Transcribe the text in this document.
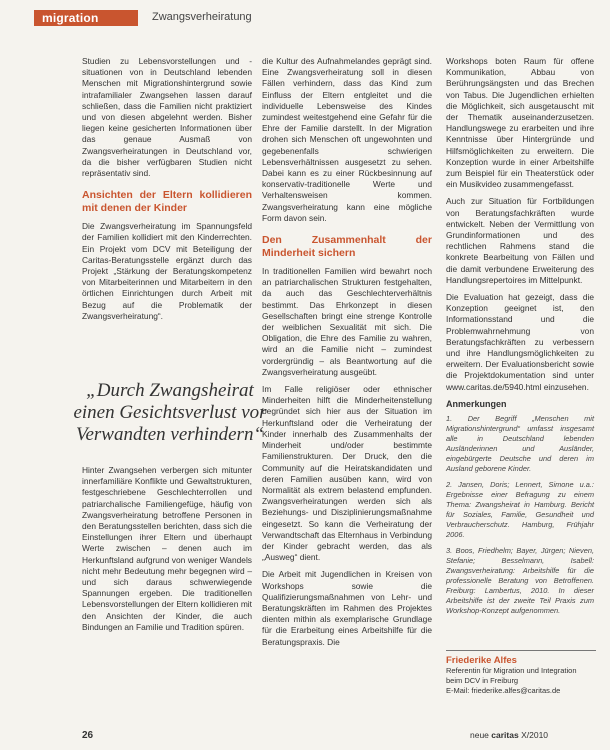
migration	Zwangsverheiratung

Studien zu Lebensvorstellungen und -situationen von in Deutschland lebenden Menschen mit Migrationshintergrund sowie intrafamilialer Zwangsehen lassen darauf schließen, dass die Familien nicht praktiziert und von diesen abgelehnt werden. Bisher liegen keine gesicherten Informationen über das genaue Ausmaß von Zwangsverheiratungen in Deutschland vor, da die bisher verfügbaren Studien nicht repräsentativ sind.

Ansichten der Eltern kollidieren mit denen der Kinder

Die Zwangsverheiratung im Spannungsfeld der Familien kollidiert mit den Kinderrechten. Ein Projekt vom DCV mit Beteiligung der Caritas-Beratungsstelle ergänzt durch das Projekt „Stärkung der Beratungskompetenz von Mitarbeiterinnen und Mitarbeitern in den örtlichen Einrichtungen durch Arbeit mit Bezug auf die Problematik der Zwangsverheiratung“.

„Durch Zwangsheirat einen Gesichtsverlust vor Verwandten verhindern“

Hinter Zwangsehen verbergen sich mitunter innerfamiliäre Konflikte und Gewaltstrukturen, festgeschriebene Geschlechterrollen und patriarchalische Familiengefüge, häufig von Zwangsverheiratung betroffene Personen in den Beratungsstellen berichten, dass sich die Einstellungen ihrer Eltern und überhaupt Werte zwischen – denen auch im Herkunftsland aufgrund von weniger Wandels nicht mehr Bedeutung mehr begegnen wird – und sich daraus schwerwiegende Spannungen ergeben. Die traditionellen Lebensvorstellungen der Eltern kollidieren mit den Ansichten der Kinder, die auch Bindungen an Familie und Tradition spüren.

die Kultur des Aufnahmelandes geprägt sind. Eine Zwangsverheiratung soll in diesen Fällen verhindern, dass das Kind zum Einfluss der Eltern entgleitet und die individuelle Lebensweise des Kindes zumindest weitestgehend eine Gefahr für die Ehre der Familie darstellt. In der Migration drohen sich Menschen oft ungewohnten und gegebenenfalls schwierigen Lebensverhältnissen ausgesetzt zu sehen. Dabei kann es zu einer Rückbesinnung auf konservativ-traditionelle Werte und Verhaltensweisen kommen. Zwangsverheiratung kann eine mögliche Form davon sein.

Den Zusammenhalt der Minderheit sichern

In traditionellen Familien wird bewahrt noch an patriarchalischen Strukturen festgehalten, da auch das Geschlechterverhältnis bestimmt. Das Ehrkonzept in diesen Gesellschaften bringt eine strenge Kontrolle der weiblichen Sexualität mit sich. Die Obligation, die Ehre des Familie zu wahren, wird an die Familie nicht – zumindest vordergründig – als Beantwortung auf die Zwangsverheiratung ausgeübt.

Im Falle religiöser oder ethnischer Minderheiten hilft die Minderheitenstellung begründet sich hier aus der Situation im Herkunftsland oder die Verheiratung der Kinder innerhalb des Zusammenhalts der Minderheit und/oder bestimmte Familienstrukturen. Der Druck, den die Community auf die Heiratskandidaten und deren Familien ausüben kann, wird von Normalität als extrem belastend empfunden. Zwangsverheiratungen werden sich als Beziehungs- und Disziplinierungsmaßnahme eingesetzt. So kann die Verheiratung der Verwandtschaft das Elternhaus in Verbindung der Kinder gebracht werden, das als „Ausweg“ dient.

Die Arbeit mit Jugendlichen in Kreisen von Workshops sowie die Qualifizierungsmaßnahmen von Lehr- und Beratungskräften im Rahmen des Projektes dienten mithin als exemplarische Grundlage für die Erarbeitung eines Arbeitshilfe für die Beratungspraxis. Die

Workshops boten Raum für offene Kommunikation, Abbau von Berührungsängsten und das Brechen von Tabus. Die Jugendlichen erhielten die Möglichkeit, sich ausgetauscht mit der Thematik auseinanderzusetzen. Handlungswege zu erarbeiten und ihre Kenntnisse über Hintergründe und Hilfsmöglichkeiten zu erweitern. Die Konzeption wurde in einer Arbeitshilfe zum Beispiel für ein Theaterstück oder ein Musikvideo zusammengefasst.

Auch zur Situation für Fortbildungen von Beratungsfachkräften wurde entwickelt. Neben der Vermittlung von Grundinformationen und des rechtlichen Rahmens stand die konkrete Bearbeitung von Fällen und die damit verbundene Erweiterung des Handlungsrepertoires im Mittelpunkt.

Die Evaluation hat gezeigt, dass die Konzeption geeignet ist, den Informationsstand und die Problemwahrnehmung von Beratungsfachkräften zu verbessern und ihre Handlungsmöglichkeiten zu erweitern. Der Evaluationsbericht sowie die Projektdokumentation sind unter www.caritas.de/5940.html einzusehen.

Anmerkungen

1. Der Begriff „Menschen mit Migrationshintergrund“ umfasst insgesamt alle in Deutschland lebenden Ausländerinnen und Ausländer, eingebürgerte Deutsche und deren im Ausland geborene Kinder.

2. Jansen, Doris; Lennert, Simone u.a.: Ergebnisse einer Befragung zu einem Thema: Zwangsheirat in Hamburg. Bericht für Soziales, Familie, Gesundheit und Verbraucherschutz. Hamburg, Frühjahr 2006.

3. Boos, Friedhelm; Bayer, Jürgen; Nieven, Stefanie; Besselmann, Isabell: Zwangsverheiratung: Arbeitshilfe für die professionelle Beratung von Betroffenen. Freiburg: Lambertus, 2010. In dieser Arbeitshilfe ist der zweite Teil Praxis zum Workshop-Konzept aufgenommen.

Friederike Alfes
Referentin für Migration und Integration
beim DCV in Freiburg
E-Mail: friederike.alfes@caritas.de
26	neue caritas X/2010
